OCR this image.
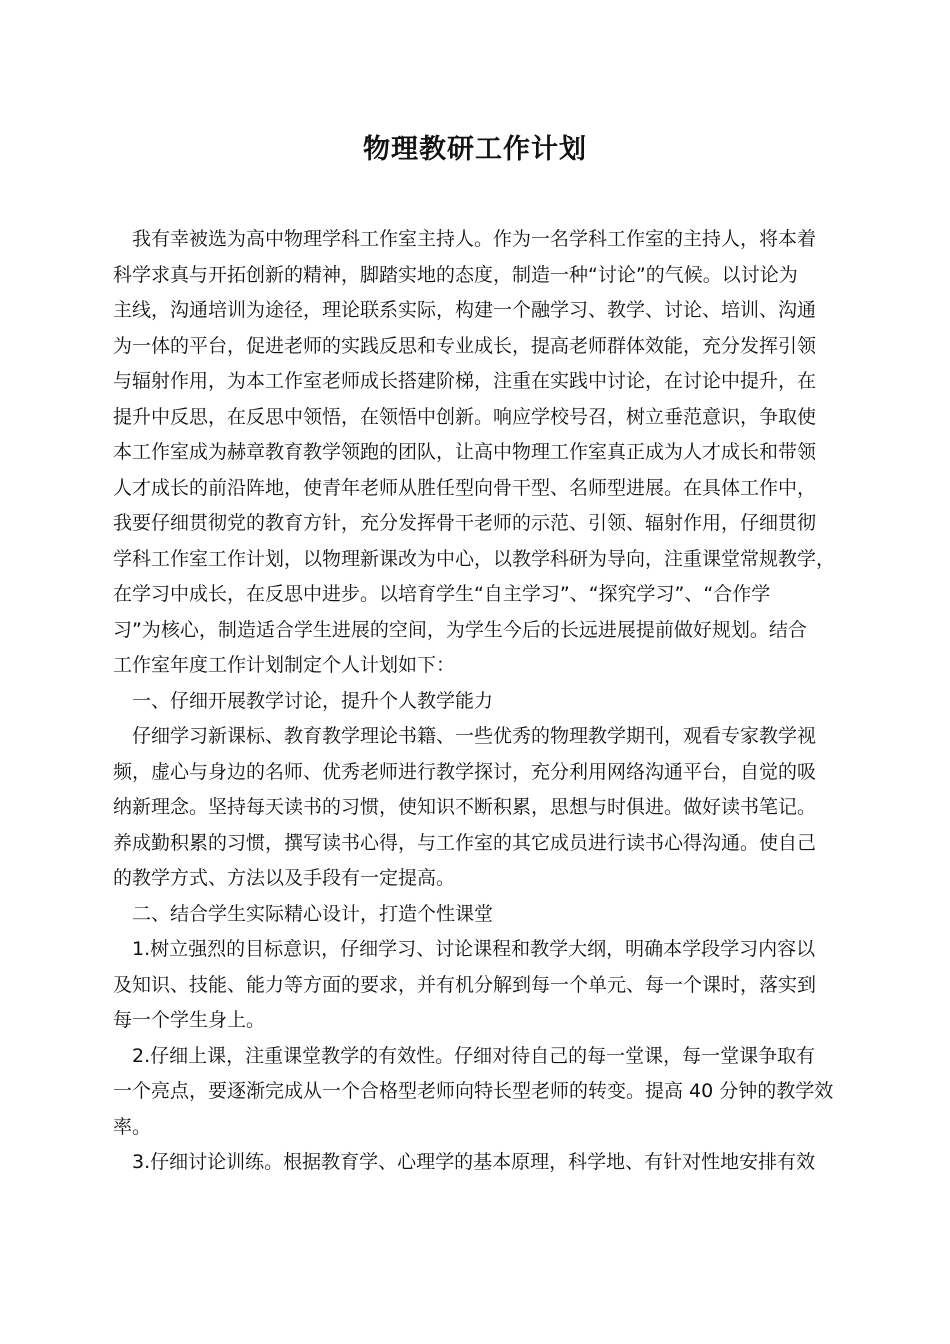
物理教研工作计划
　我有幸被选为高中物理学科工作室主持人。作为一名学科工作室的主持人，将本着
科学求真与开拓创新的精神，脚踏实地的态度，制造一种“讨论”的气候。以讨论为
主线，沟通培训为途径，理论联系实际，构建一个融学习、教学、讨论、培训、沟通
为一体的平台，促进老师的实践反思和专业成长，提高老师群体效能，充分发挥引领
与辐射作用，为本工作室老师成长搭建阶梯，注重在实践中讨论，在讨论中提升，在
提升中反思，在反思中领悟，在领悟中创新。响应学校号召，树立垂范意识，争取使
本工作室成为赫章教育教学领跑的团队，让高中物理工作室真正成为人才成长和带领
人才成长的前沿阵地，使青年老师从胜任型向骨干型、名师型进展。在具体工作中，
我要仔细贯彻党的教育方针，充分发挥骨干老师的示范、引领、辐射作用，仔细贯彻
学科工作室工作计划，以物理新课改为中心，以教学科研为导向，注重课堂常规教学，
在学习中成长，在反思中进步。以培育学生“自主学习”、“探究学习”、“合作学
习”为核心，制造适合学生进展的空间，为学生今后的长远进展提前做好规划。结合
工作室年度工作计划制定个人计划如下：
　一、仔细开展教学讨论，提升个人教学能力
　仔细学习新课标、教育教学理论书籍、一些优秀的物理教学期刊，观看专家教学视
频，虚心与身边的名师、优秀老师进行教学探讨，充分利用网络沟通平台，自觉的吸
纳新理念。坚持每天读书的习惯，使知识不断积累，思想与时俱进。做好读书笔记。
养成勤积累的习惯，撰写读书心得，与工作室的其它成员进行读书心得沟通。使自己
的教学方式、方法以及手段有一定提高。
　二、结合学生实际精心设计，打造个性课堂
　1.树立强烈的目标意识，仔细学习、讨论课程和教学大纲，明确本学段学习内容以
及知识、技能、能力等方面的要求，并有机分解到每一个单元、每一个课时，落实到
每一个学生身上。
　2.仔细上课，注重课堂教学的有效性。仔细对待自己的每一堂课，每一堂课争取有
一个亮点，要逐渐完成从一个合格型老师向特长型老师的转变。提高 40 分钟的教学效
率。
　3.仔细讨论训练。根据教育学、心理学的基本原理，科学地、有针对性地安排有效
